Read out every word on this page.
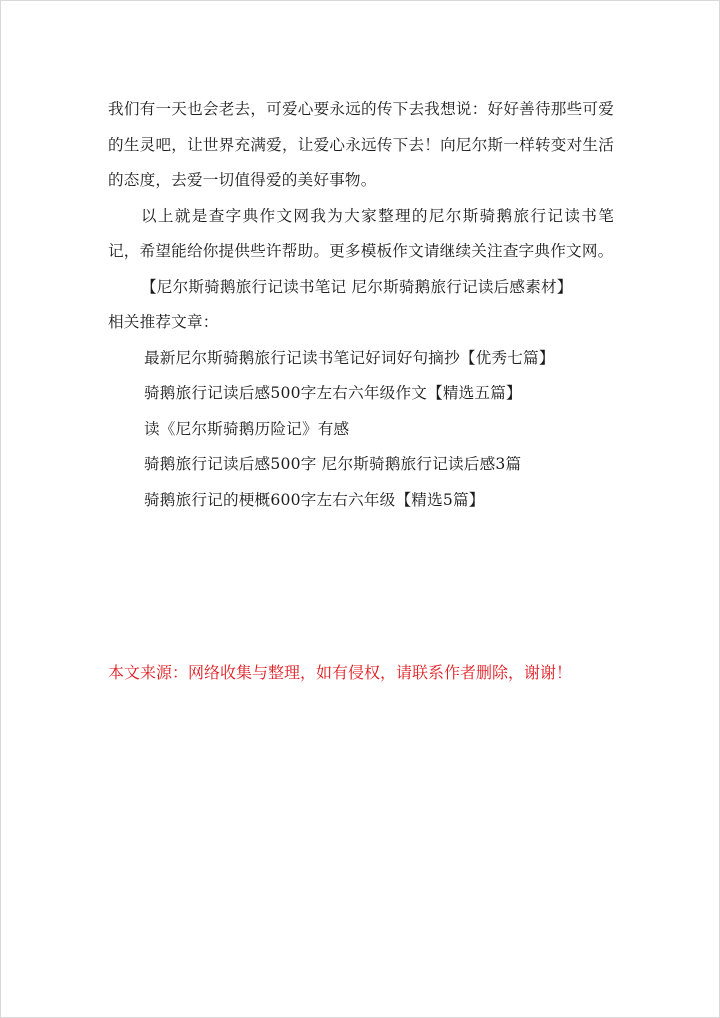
我们有一天也会老去，可爱心要永远的传下去我想说：好好善待那些可爱的生灵吧，让世界充满爱，让爱心永远传下去！向尼尔斯一样转变对生活的态度，去爱一切值得爱的美好事物。

以上就是查字典作文网我为大家整理的尼尔斯骑鹅旅行记读书笔记，希望能给你提供些许帮助。更多模板作文请继续关注查字典作文网。

【尼尔斯骑鹅旅行记读书笔记 尼尔斯骑鹅旅行记读后感素材】

相关推荐文章：

最新尼尔斯骑鹅旅行记读书笔记好词好句摘抄【优秀七篇】
骑鹅旅行记读后感500字左右六年级作文【精选五篇】
读《尼尔斯骑鹅历险记》有感
骑鹅旅行记读后感500字 尼尔斯骑鹅旅行记读后感3篇
骑鹅旅行记的梗概600字左右六年级【精选5篇】

本文来源：网络收集与整理，如有侵权，请联系作者删除，谢谢！
